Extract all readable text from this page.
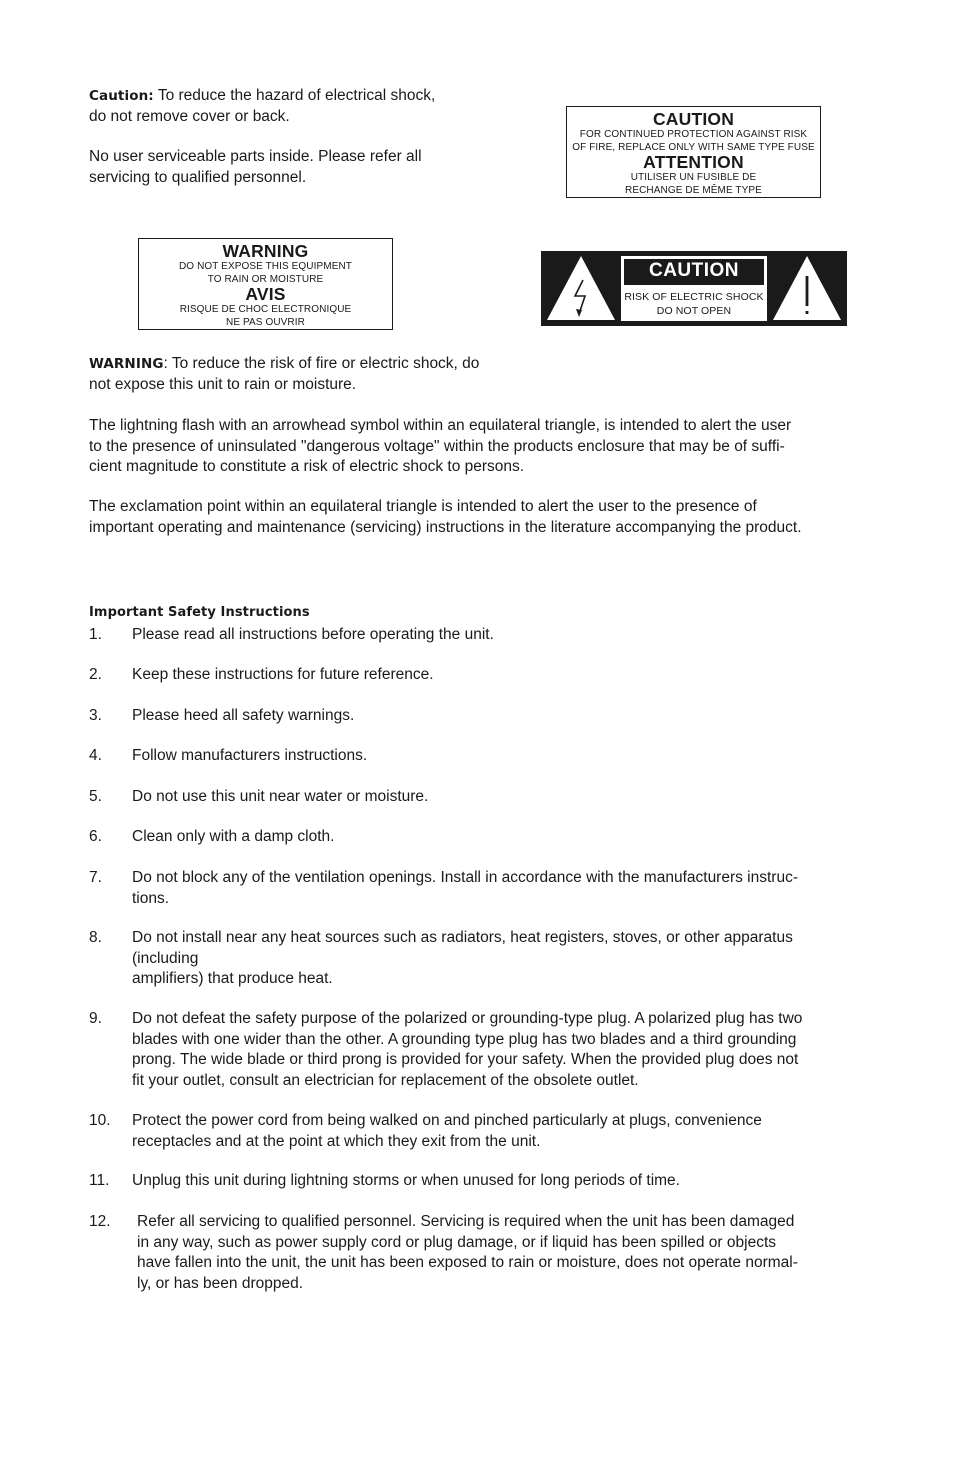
Caution: To reduce the hazard of electrical shock,

do not remove cover or back.

No user serviceable parts inside. Please refer all

servicing to qualified personnel.

CAUTION
FOR CONTINUED PROTECTION AGAINST RISK
OF FIRE, REPLACE ONLY WITH SAME TYPE FUSE
ATTENTION
UTILISER UN FUSIBLE DE
RECHANGE DE MÊME TYPE
WARNING
DO NOT EXPOSE THIS EQUIPMENT
TO RAIN OR MOISTURE
AVIS
RISQUE DE CHOC ELECTRONIQUE
NE PAS OUVRIR
CAUTION
RISK OF ELECTRIC SHOCK
DO NOT OPEN

WARNING: To reduce the risk of fire or electric shock, do

not expose this unit to rain or moisture.

The lightning flash with an arrowhead symbol within an equilateral triangle, is intended to alert the user

to the presence of uninsulated "dangerous voltage" within the products enclosure that may be of suffi-

cient magnitude to constitute a risk of electric shock to persons.

The exclamation point within an equilateral triangle is intended to alert the user to the presence of

important operating and maintenance (servicing) instructions in the literature accompanying the product.

Important Safety Instructions
1. Please read all instructions before operating the unit.

2. Keep these instructions for future reference.

3. Please heed all safety warnings.

4. Follow manufacturers instructions.

5. Do not use this unit near water or moisture.

6. Clean only with a damp cloth.

7. Do not block any of the ventilation openings. Install in accordance with the manufacturers instruc-

tions.

8. Do not install near any heat sources such as radiators, heat registers, stoves, or other apparatus

(including

amplifiers) that produce heat.

9. Do not defeat the safety purpose of the polarized or grounding-type plug. A polarized plug has two

blades with one wider than the other. A grounding type plug has two blades and a third grounding

prong. The wide blade or third prong is provided for your safety. When the provided plug does not

fit your outlet, consult an electrician for replacement of the obsolete outlet.

10. Protect the power cord from being walked on and pinched particularly at plugs, convenience

receptacles and at the point at which they exit from the unit.

11. Unplug this unit during lightning storms or when unused for long periods of time.

12. Refer all servicing to qualified personnel. Servicing is required when the unit has been damaged

in any way, such as power supply cord or plug damage, or if liquid has been spilled or objects

have fallen into the unit, the unit has been exposed to rain or moisture, does not operate normal-

ly, or has been dropped.
